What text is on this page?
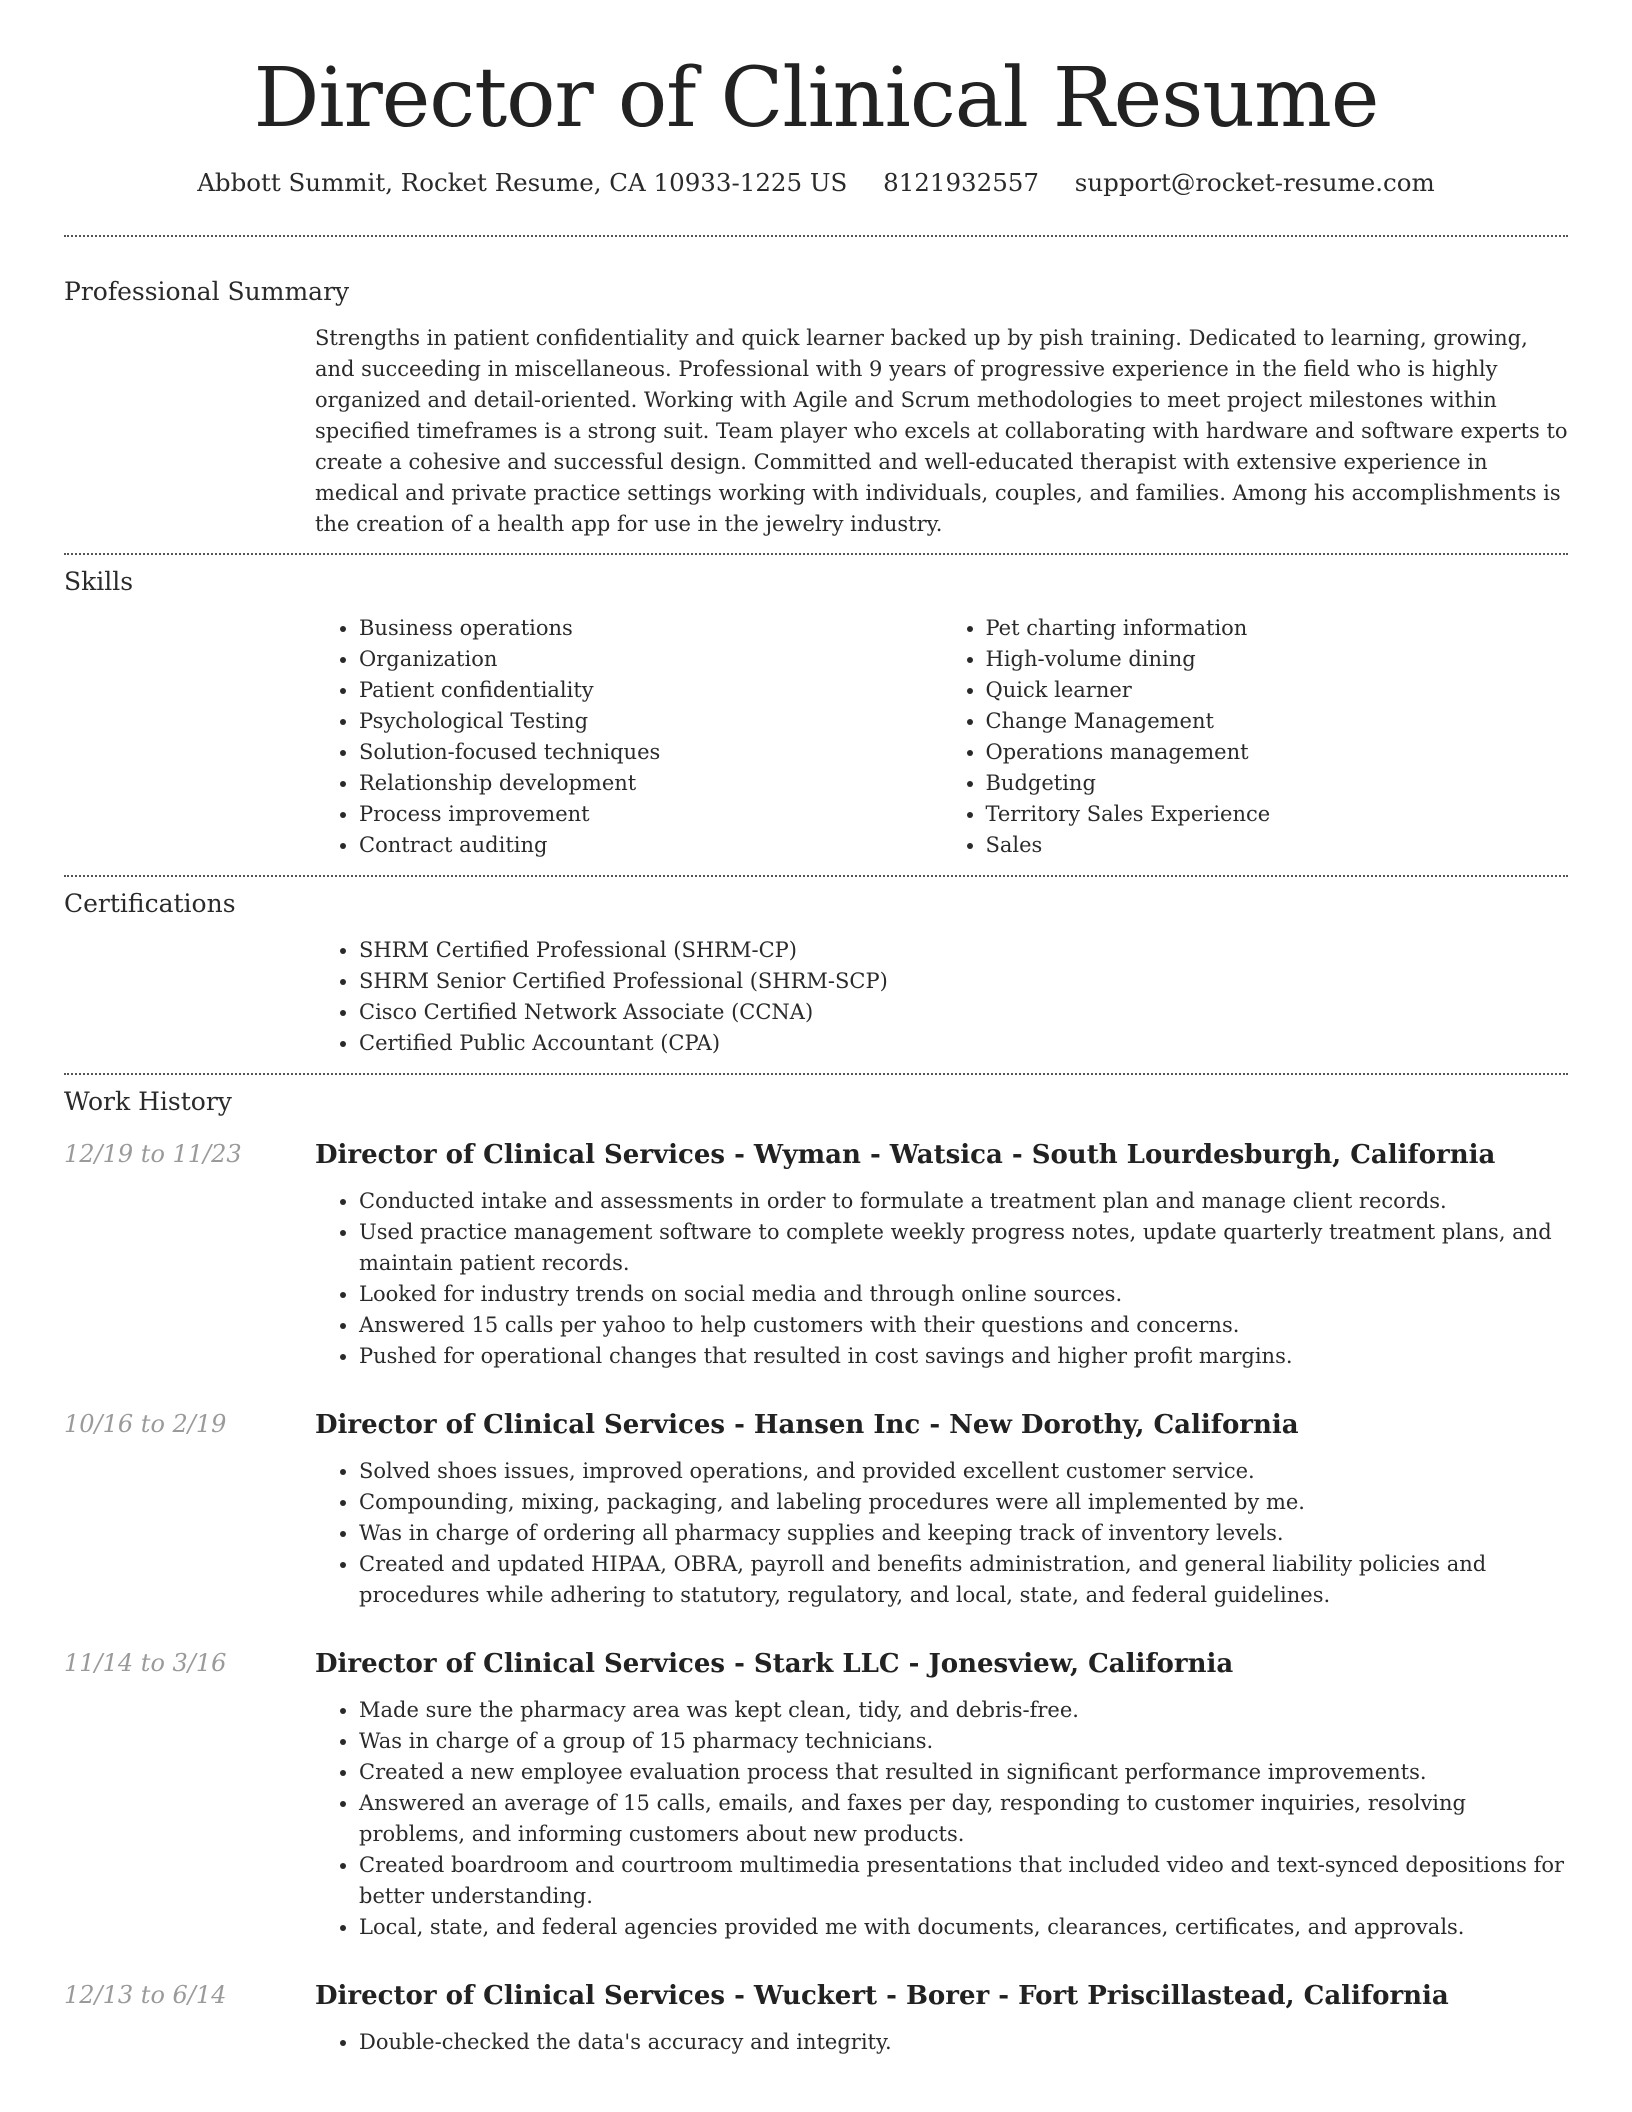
Director of Clinical Resume
Abbott Summit, Rocket Resume, CA 10933-1225 US 8121932557 support@rocket-resume.com
Professional Summary

Strengths in patient confidentiality and quick learner backed up by pish training. Dedicated to learning, growing, and succeeding in miscellaneous. Professional with 9 years of progressive experience in the field who is highly organized and detail-oriented. Working with Agile and Scrum methodologies to meet project milestones within specified timeframes is a strong suit. Team player who excels at collaborating with hardware and software experts to create a cohesive and successful design. Committed and well-educated therapist with extensive experience in medical and private practice settings working with individuals, couples, and families. Among his accomplishments is the creation of a health app for use in the jewelry industry.

Skills
• Business operations
• Organization
• Patient confidentiality
• Psychological Testing
• Solution-focused techniques
• Relationship development
• Process improvement
• Contract auditing
• Pet charting information
• High-volume dining
• Quick learner
• Change Management
• Operations management
• Budgeting
• Territory Sales Experience
• Sales
Certifications
• SHRM Certified Professional (SHRM-CP)
• SHRM Senior Certified Professional (SHRM-SCP)
• Cisco Certified Network Associate (CCNA)
• Certified Public Accountant (CPA)
Work History
12/19 to 11/23	Director of Clinical Services - Wyman - Watsica - South Lourdesburgh, California
• Conducted intake and assessments in order to formulate a treatment plan and manage client records.
• Used practice management software to complete weekly progress notes, update quarterly treatment plans, and maintain patient records.
• Looked for industry trends on social media and through online sources.
• Answered 15 calls per yahoo to help customers with their questions and concerns.
• Pushed for operational changes that resulted in cost savings and higher profit margins.
10/16 to 2/19	Director of Clinical Services - Hansen Inc - New Dorothy, California
• Solved shoes issues, improved operations, and provided excellent customer service.
• Compounding, mixing, packaging, and labeling procedures were all implemented by me.
• Was in charge of ordering all pharmacy supplies and keeping track of inventory levels.
• Created and updated HIPAA, OBRA, payroll and benefits administration, and general liability policies and procedures while adhering to statutory, regulatory, and local, state, and federal guidelines.
11/14 to 3/16	Director of Clinical Services - Stark LLC - Jonesview, California
• Made sure the pharmacy area was kept clean, tidy, and debris-free.
• Was in charge of a group of 15 pharmacy technicians.
• Created a new employee evaluation process that resulted in significant performance improvements.
• Answered an average of 15 calls, emails, and faxes per day, responding to customer inquiries, resolving problems, and informing customers about new products.
• Created boardroom and courtroom multimedia presentations that included video and text-synced depositions for better understanding.
• Local, state, and federal agencies provided me with documents, clearances, certificates, and approvals.
12/13 to 6/14	Director of Clinical Services - Wuckert - Borer - Fort Priscillastead, California
• Double-checked the data's accuracy and integrity.
